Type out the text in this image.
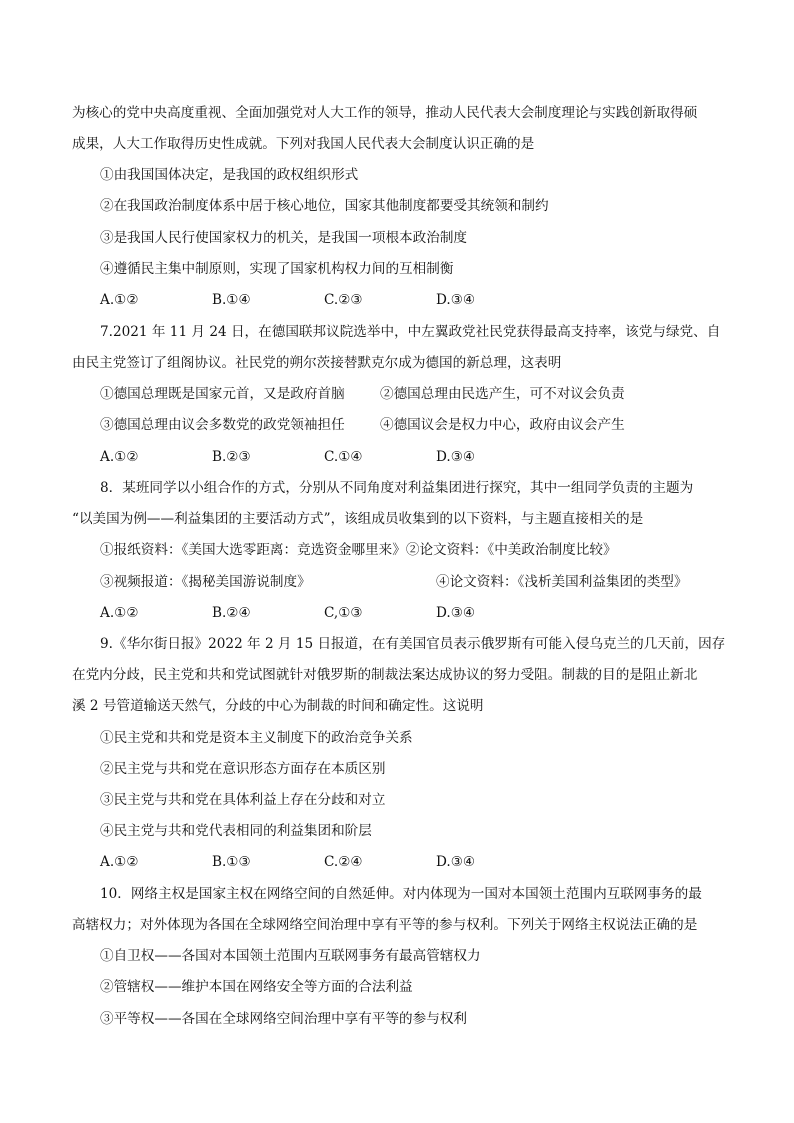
为核心的党中央高度重视、全面加强党对人大工作的领导，推动人民代表大会制度理论与实践创新取得硕
成果，人大工作取得历史性成就。下列对我国人民代表大会制度认识正确的是
①由我国国体决定，是我国的政权组织形式
②在我国政治制度体系中居于核心地位，国家其他制度都要受其统领和制约
③是我国人民行使国家权力的机关，是我国一项根本政治制度
④遵循民主集中制原则，实现了国家机构权力间的互相制衡
A.①②	B.①④	C.②③	D.③④
7.2021 年 11 月 24 日，在德国联邦议院选举中，中左翼政党社民党获得最高支持率，该党与绿党、自
由民主党签订了组阁协议。社民党的朔尔茨接替默克尔成为德国的新总理，这表明
①德国总理既是国家元首，又是政府首脑	②德国总理由民选产生，可不对议会负责
③德国总理由议会多数党的政党领袖担任	④德国议会是权力中心，政府由议会产生
A.①②	B.②③	C.①④	D.③④
8．某班同学以小组合作的方式，分别从不同角度对利益集团进行探究，其中一组同学负责的主题为
“以美国为例——利益集团的主要活动方式”，该组成员收集到的以下资料，与主题直接相关的是
①报纸资料：《美国大选零距离：竞选资金哪里来》②论文资料：《中美政治制度比较》
③视频报道：《揭秘美国游说制度》	④论文资料：《浅析美国利益集团的类型》
A.①②	B.②④	C,①③	D.③④
9.《华尔街日报》2022 年 2 月 15 日报道，在有美国官员表示俄罗斯有可能入侵乌克兰的几天前，因存
在党内分歧，民主党和共和党试图就针对俄罗斯的制裁法案达成协议的努力受阻。制裁的目的是阻止新北
溪 2 号管道输送天然气，分歧的中心为制裁的时间和确定性。这说明
①民主党和共和党是资本主义制度下的政治竞争关系
②民主党与共和党在意识形态方面存在本质区别
③民主党与共和党在具体利益上存在分歧和对立
④民主党与共和党代表相同的利益集团和阶层
A.①②	B.①③	C.②④	D.③④
10．网络主权是国家主权在网络空间的自然延伸。对内体现为一国对本国领土范围内互联网事务的最
高辖权力；对外体现为各国在全球网络空间治理中享有平等的参与权利。下列关于网络主权说法正确的是
①自卫权——各国对本国领土范围内互联网事务有最高管辖权力
②管辖权——维护本国在网络安全等方面的合法利益
③平等权——各国在全球网络空间治理中享有平等的参与权利
